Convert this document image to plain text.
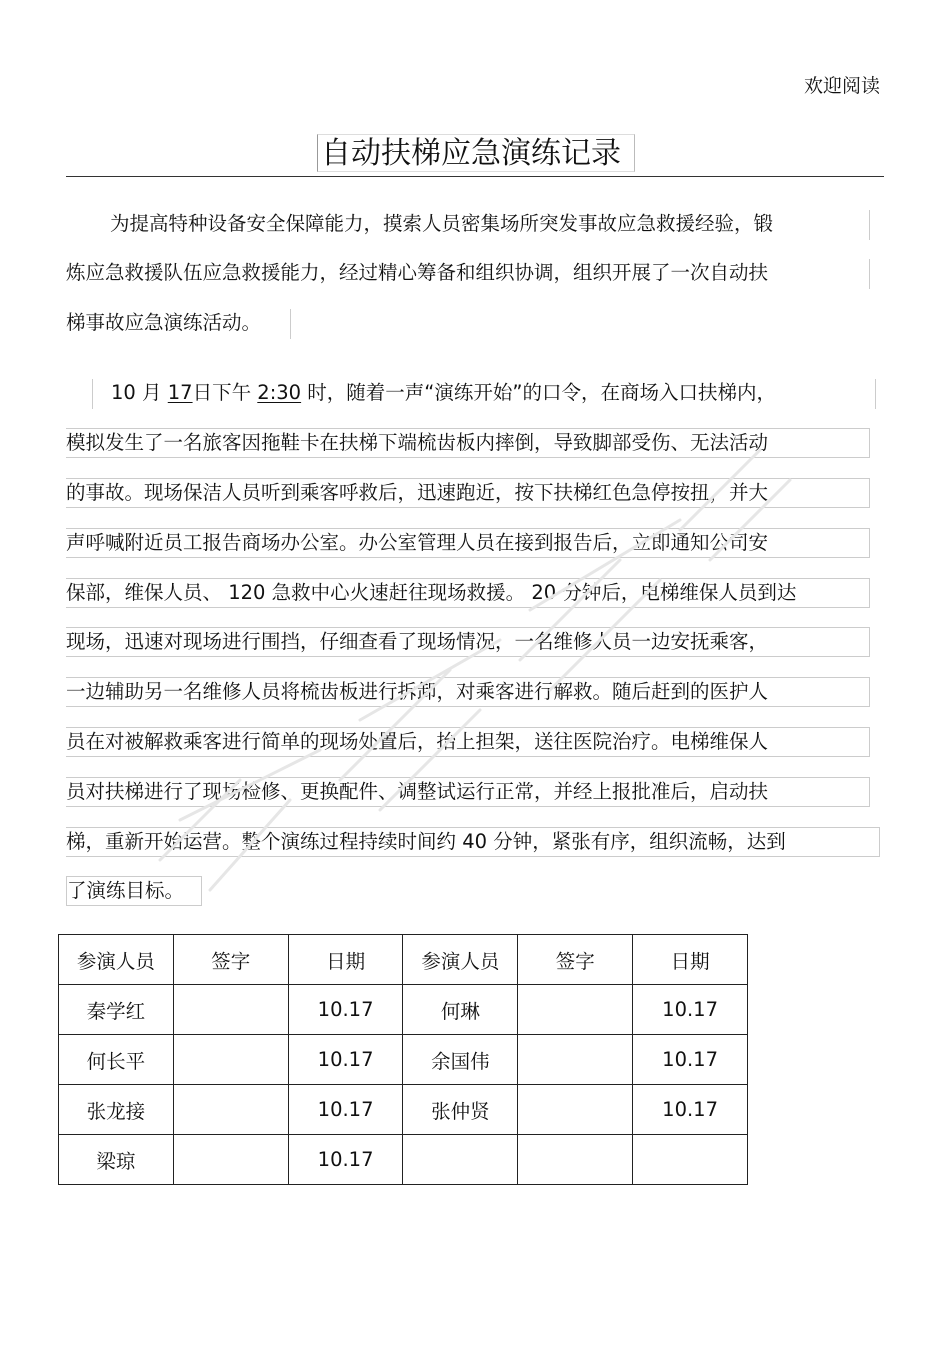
欢迎阅读
自动扶梯应急演练记录
为提高特种设备安全保障能力，摸索人员密集场所突发事故应急救援经验，锻
炼应急救援队伍应急救援能力，经过精心筹备和组织协调，组织开展了一次自动扶
梯事故应急演练活动。
10 月 17日下午 2:30 时，随着一声“演练开始”的口令，在商场入口扶梯内，
模拟发生了一名旅客因拖鞋卡在扶梯下端梳齿板内摔倒，导致脚部受伤、无法活动
的事故。现场保洁人员听到乘客呼救后，迅速跑近，按下扶梯红色急停按扭，并大
声呼喊附近员工报告商场办公室。办公室管理人员在接到报告后，立即通知公司安
保部，维保人员、 120 急救中心火速赶往现场救援。 20 分钟后，电梯维保人员到达
现场，迅速对现场进行围挡，仔细查看了现场情况，一名维修人员一边安抚乘客，
一边辅助另一名维修人员将梳齿板进行拆卸，对乘客进行解救。随后赶到的医护人
员在对被解救乘客进行简单的现场处置后，抬上担架，送往医院治疗。电梯维保人
员对扶梯进行了现场检修、更换配件、调整试运行正常，并经上报批准后，启动扶
梯，重新开始运营。整个演练过程持续时间约 40 分钟，紧张有序，组织流畅，达到
了演练目标。
参演人员	签字	日期	参演人员	签字	日期
秦学红		10.17	何琳		10.17
何长平		10.17	余国伟		10.17
张龙接		10.17	张仲贤		10.17
梁琼		10.17			
